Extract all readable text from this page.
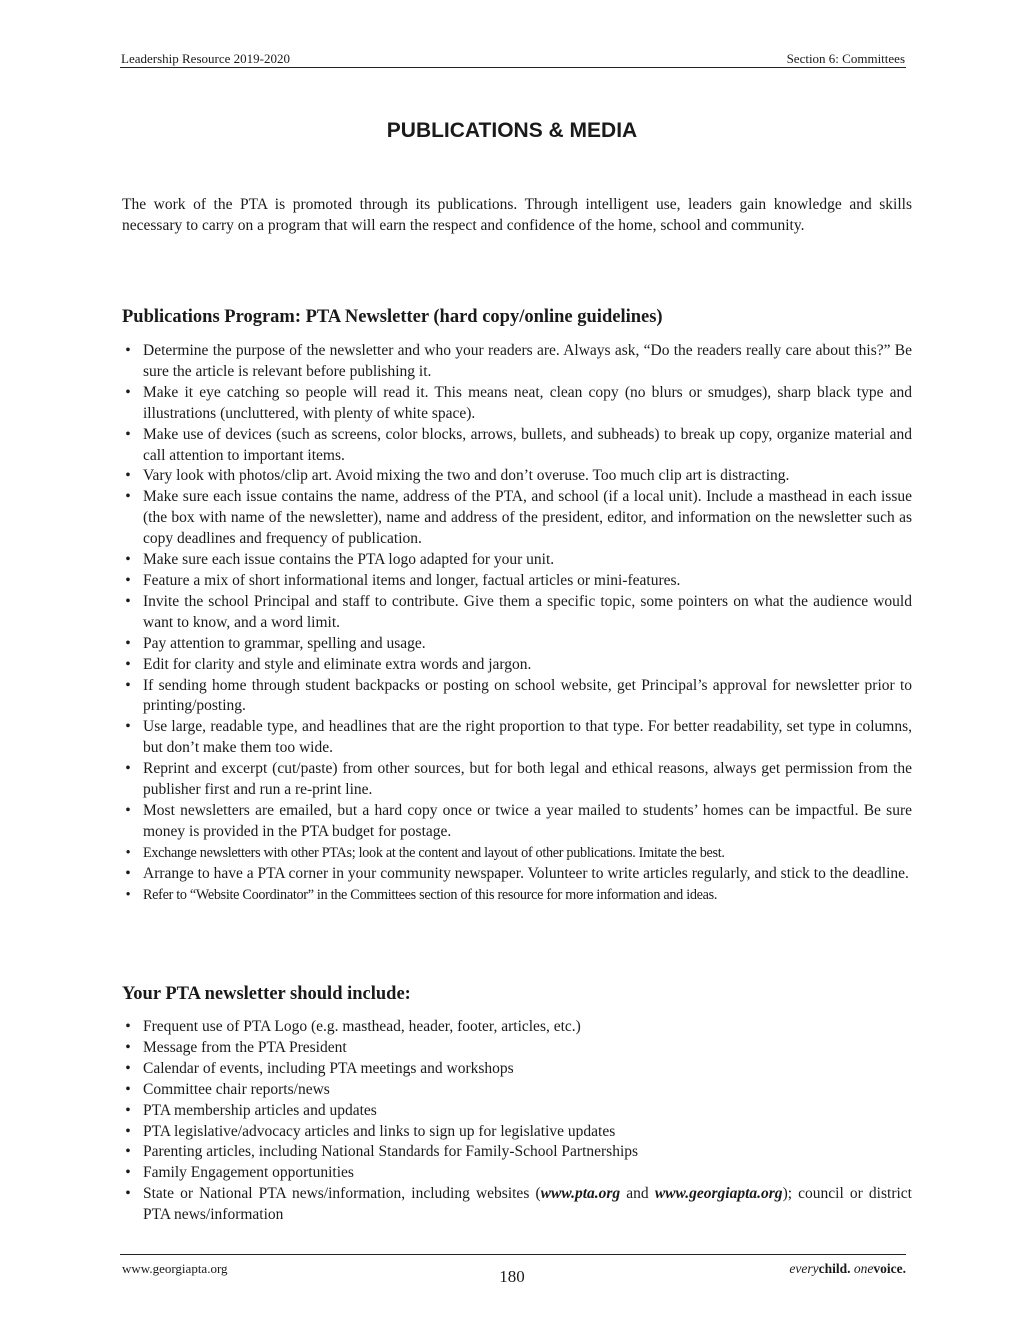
Leadership Resource 2019-2020	Section 6: Committees
PUBLICATIONS & MEDIA

The work of the PTA is promoted through its publications. Through intelligent use, leaders gain knowledge and skills necessary to carry on a program that will earn the respect and confidence of the home, school and community.

Publications Program: PTA Newsletter (hard copy/online guidelines)
• Determine the purpose of the newsletter and who your readers are. Always ask, “Do the readers really care about this?” Be sure the article is relevant before publishing it.
• Make it eye catching so people will read it. This means neat, clean copy (no blurs or smudges), sharp black type and illustrations (uncluttered, with plenty of white space).
• Make use of devices (such as screens, color blocks, arrows, bullets, and subheads) to break up copy, organize material and call attention to important items.
• Vary look with photos/clip art. Avoid mixing the two and don’t overuse. Too much clip art is distracting.
• Make sure each issue contains the name, address of the PTA, and school (if a local unit). Include a masthead in each issue (the box with name of the newsletter), name and address of the president, editor, and information on the newsletter such as copy deadlines and frequency of publication.
• Make sure each issue contains the PTA logo adapted for your unit.
• Feature a mix of short informational items and longer, factual articles or mini-features.
• Invite the school Principal and staff to contribute. Give them a specific topic, some pointers on what the audience would want to know, and a word limit.
• Pay attention to grammar, spelling and usage.
• Edit for clarity and style and eliminate extra words and jargon.
• If sending home through student backpacks or posting on school website, get Principal’s approval for newsletter prior to printing/posting.
• Use large, readable type, and headlines that are the right proportion to that type. For better readability, set type in columns, but don’t make them too wide.
• Reprint and excerpt (cut/paste) from other sources, but for both legal and ethical reasons, always get permission from the publisher first and run a re-print line.
• Most newsletters are emailed, but a hard copy once or twice a year mailed to students’ homes can be impactful. Be sure money is provided in the PTA budget for postage.
• Exchange newsletters with other PTAs; look at the content and layout of other publications. Imitate the best.
• Arrange to have a PTA corner in your community newspaper. Volunteer to write articles regularly, and stick to the deadline.
• Refer to “Website Coordinator” in the Committees section of this resource for more information and ideas.
Your PTA newsletter should include:
• Frequent use of PTA Logo (e.g. masthead, header, footer, articles, etc.)
• Message from the PTA President
• Calendar of events, including PTA meetings and workshops
• Committee chair reports/news
• PTA membership articles and updates
• PTA legislative/advocacy articles and links to sign up for legislative updates
• Parenting articles, including National Standards for Family-School Partnerships
• Family Engagement opportunities
• State or National PTA news/information, including websites (www.pta.org and www.georgiapta.org); council or district PTA news/information
www.georgiapta.org	180	everychild. onevoice.
